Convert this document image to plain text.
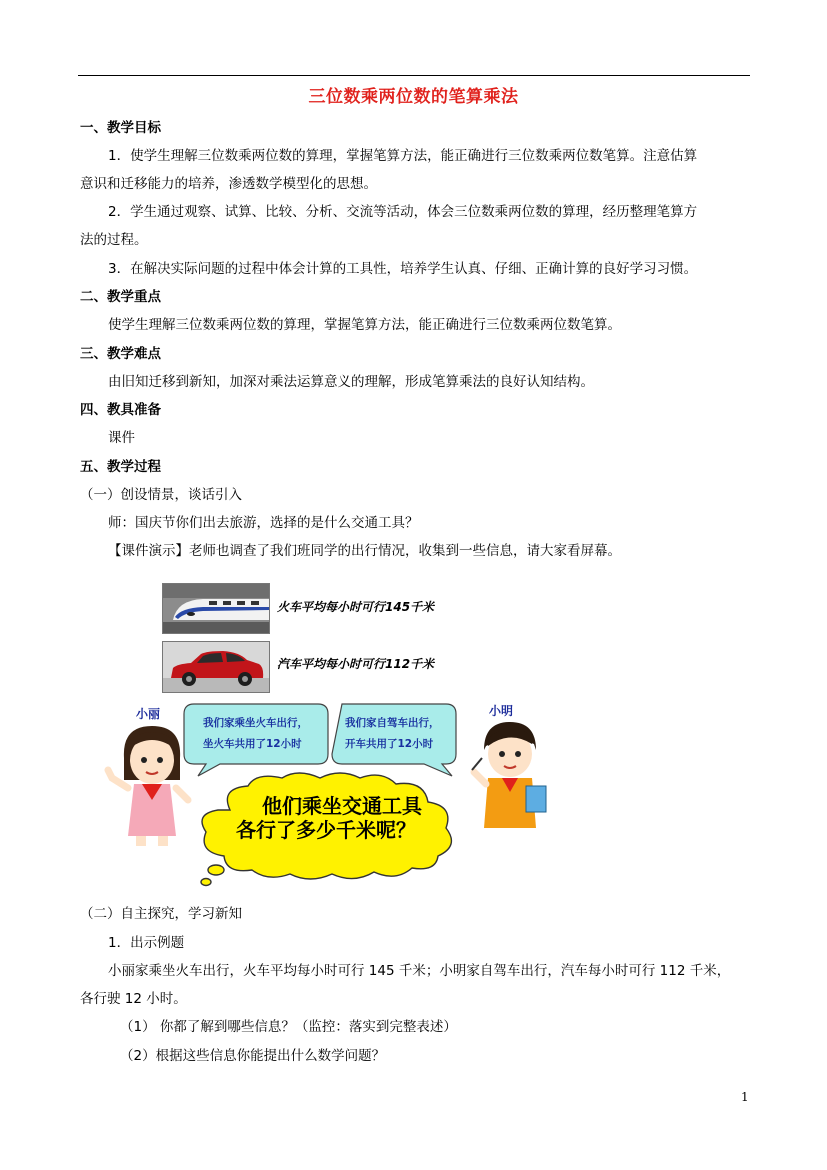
三位数乘两位数的笔算乘法
一、教学目标
1．使学生理解三位数乘两位数的算理，掌握笔算方法，能正确进行三位数乘两位数笔算。注意估算
意识和迁移能力的培养，渗透数学模型化的思想。
2．学生通过观察、试算、比较、分析、交流等活动，体会三位数乘两位数的算理，经历整理笔算方
法的过程。
3．在解决实际问题的过程中体会计算的工具性，培养学生认真、仔细、正确计算的良好学习习惯。
二、教学重点
使学生理解三位数乘两位数的算理，掌握笔算方法，能正确进行三位数乘两位数笔算。
三、教学难点
由旧知迁移到新知，加深对乘法运算意义的理解，形成笔算乘法的良好认知结构。
四、教具准备
课件
五、教学过程
（一）创设情景，谈话引入
师：国庆节你们出去旅游，选择的是什么交通工具？
【课件演示】老师也调查了我们班同学的出行情况，收集到一些信息，请大家看屏幕。
火车平均每小时可行145千米
汽车平均每小时可行112千米
小丽	小明
我们家乘坐火车出行，
坐火车共用了12小时
我们家自驾车出行，
开车共用了12小时
他们乘坐交通工具
各行了多少千米呢？
（二）自主探究，学习新知
1．出示例题
小丽家乘坐火车出行，火车平均每小时可行 145 千米；小明家自驾车出行，汽车每小时可行 112 千米，
各行驶 12 小时。
（1） 你都了解到哪些信息？（监控：落实到完整表述）
（2）根据这些信息你能提出什么数学问题？
1
